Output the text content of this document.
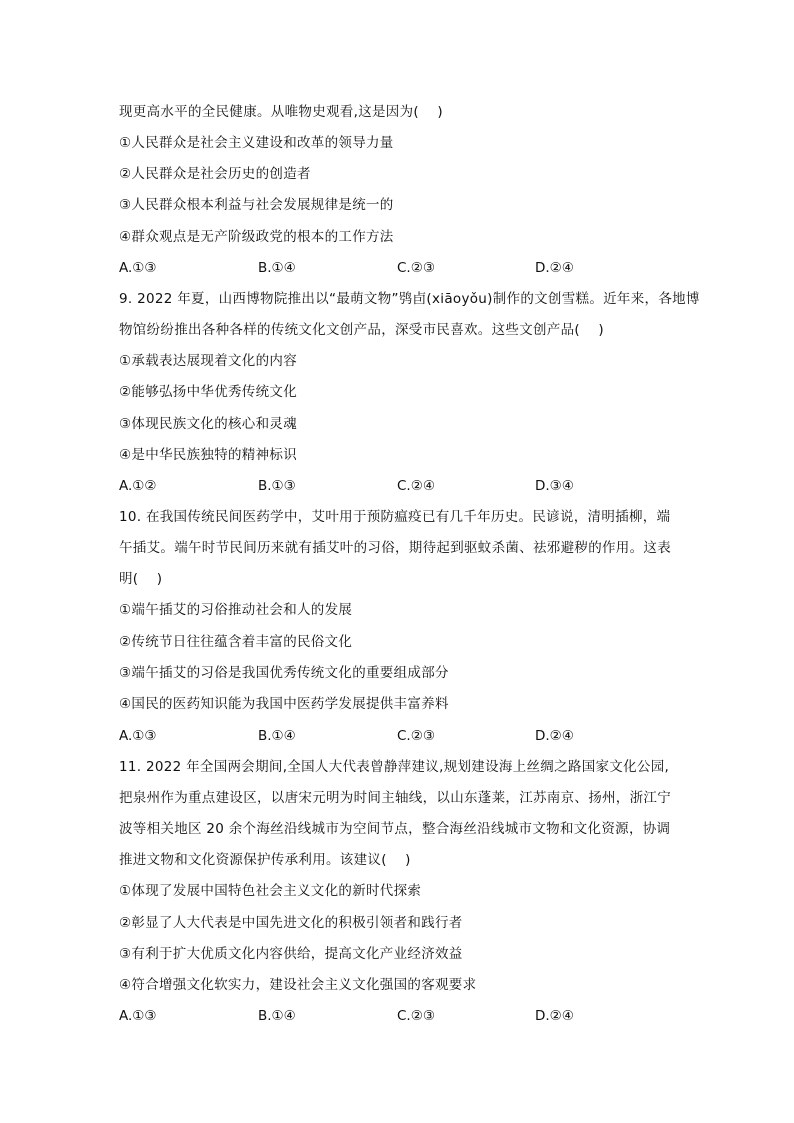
现更高水平的全民健康。从唯物史观看,这是因为(　 )
①人民群众是社会主义建设和改革的领导力量
②人民群众是社会历史的创造者
③人民群众根本利益与社会发展规律是统一的
④群众观点是无产阶级政党的根本的工作方法
A.①③	B.①④	C.②③	D.②④
9. 2022 年夏，山西博物院推出以“最萌文物”鸮卣(xiāoyǒu)制作的文创雪糕。近年来，各地博
物馆纷纷推出各种各样的传统文化文创产品，深受市民喜欢。这些文创产品(　 )
①承载表达展现着文化的内容
②能够弘扬中华优秀传统文化
③体现民族文化的核心和灵魂
④是中华民族独特的精神标识
A.①②	B.①③	C.②④	D.③④
10. 在我国传统民间医药学中，艾叶用于预防瘟疫已有几千年历史。民谚说，清明插柳，端
午插艾。端午时节民间历来就有插艾叶的习俗，期待起到驱蚊杀菌、祛邪避秽的作用。这表
明(　 )
①端午插艾的习俗推动社会和人的发展
②传统节日往往蕴含着丰富的民俗文化
③端午插艾的习俗是我国优秀传统文化的重要组成部分
④国民的医药知识能为我国中医药学发展提供丰富养料
A.①③	B.①④	C.②③	D.②④
11. 2022 年全国两会期间,全国人大代表曾静萍建议,规划建设海上丝绸之路国家文化公园,
把泉州作为重点建设区，以唐宋元明为时间主轴线，以山东蓬莱，江苏南京、扬州，浙江宁
波等相关地区 20 余个海丝沿线城市为空间节点，整合海丝沿线城市文物和文化资源，协调
推进文物和文化资源保护传承利用。该建议(　 )
①体现了发展中国特色社会主义文化的新时代探索
②彰显了人大代表是中国先进文化的积极引领者和践行者
③有利于扩大优质文化内容供给，提高文化产业经济效益
④符合增强文化软实力，建设社会主义文化强国的客观要求
A.①③	B.①④	C.②③	D.②④
